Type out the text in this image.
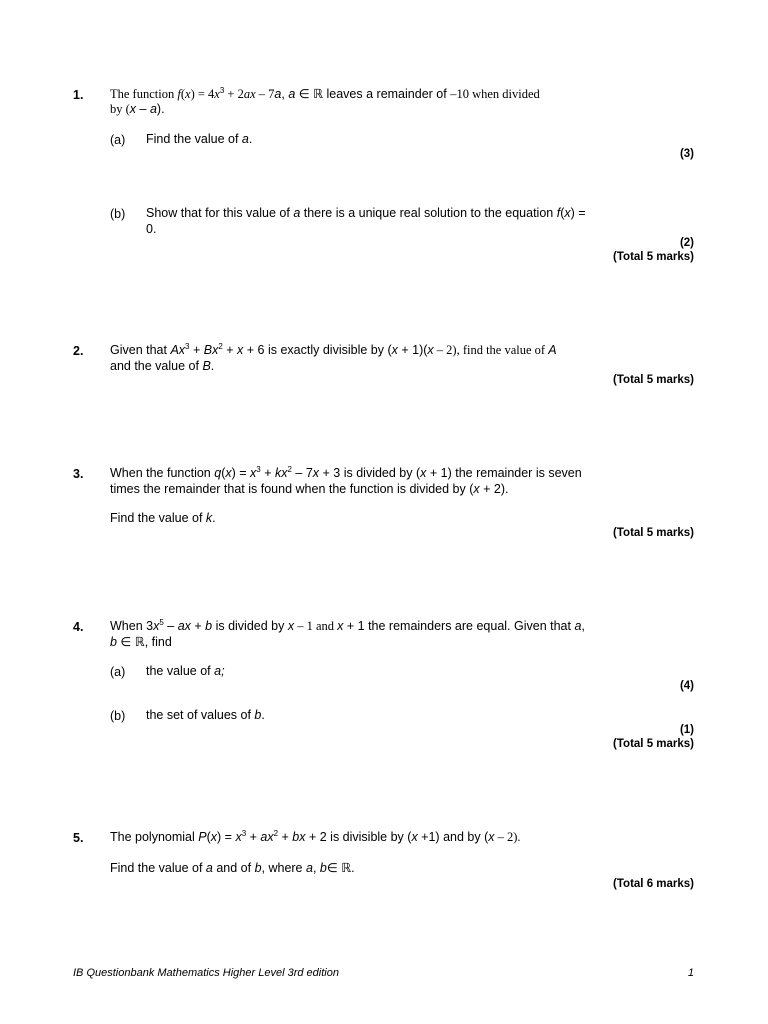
1. The function $f(x) = 4x^3 + 2ax - 7a$, a ∈ ℝ leaves a remainder of –10 when divided
by (x – a).
(a) Find the value of a.
(3)
(b) Show that for this value of a there is a unique real solution to the equation f(x) =
0.
(2)
(Total 5 marks)
2. Given that $Ax^3 + Bx^2 + x + 6$ is exactly divisible by (x + 1)(x – 2), find the value of A
and the value of B.
(Total 5 marks)
3. When the function $q(x) = x^3 + kx^2 - 7x + 3$ is divided by (x + 1) the remainder is seven
times the remainder that is found when the function is divided by (x + 2).
Find the value of k.
(Total 5 marks)
4. When $3x^5$ – ax + b is divided by x – 1 and x + 1 the remainders are equal. Given that a,
b ∈ ℝ, find
(a) the value of a;
(4)
(b) the set of values of b.
(1)
(Total 5 marks)
5. The polynomial $P(x) = x^3 + ax^2$ + bx + 2 is divisible by (x +1) and by (x – 2).
Find the value of a and of b, where a, b∈ ℝ.
(Total 6 marks)
IB Questionbank Mathematics Higher Level 3rd edition	1
